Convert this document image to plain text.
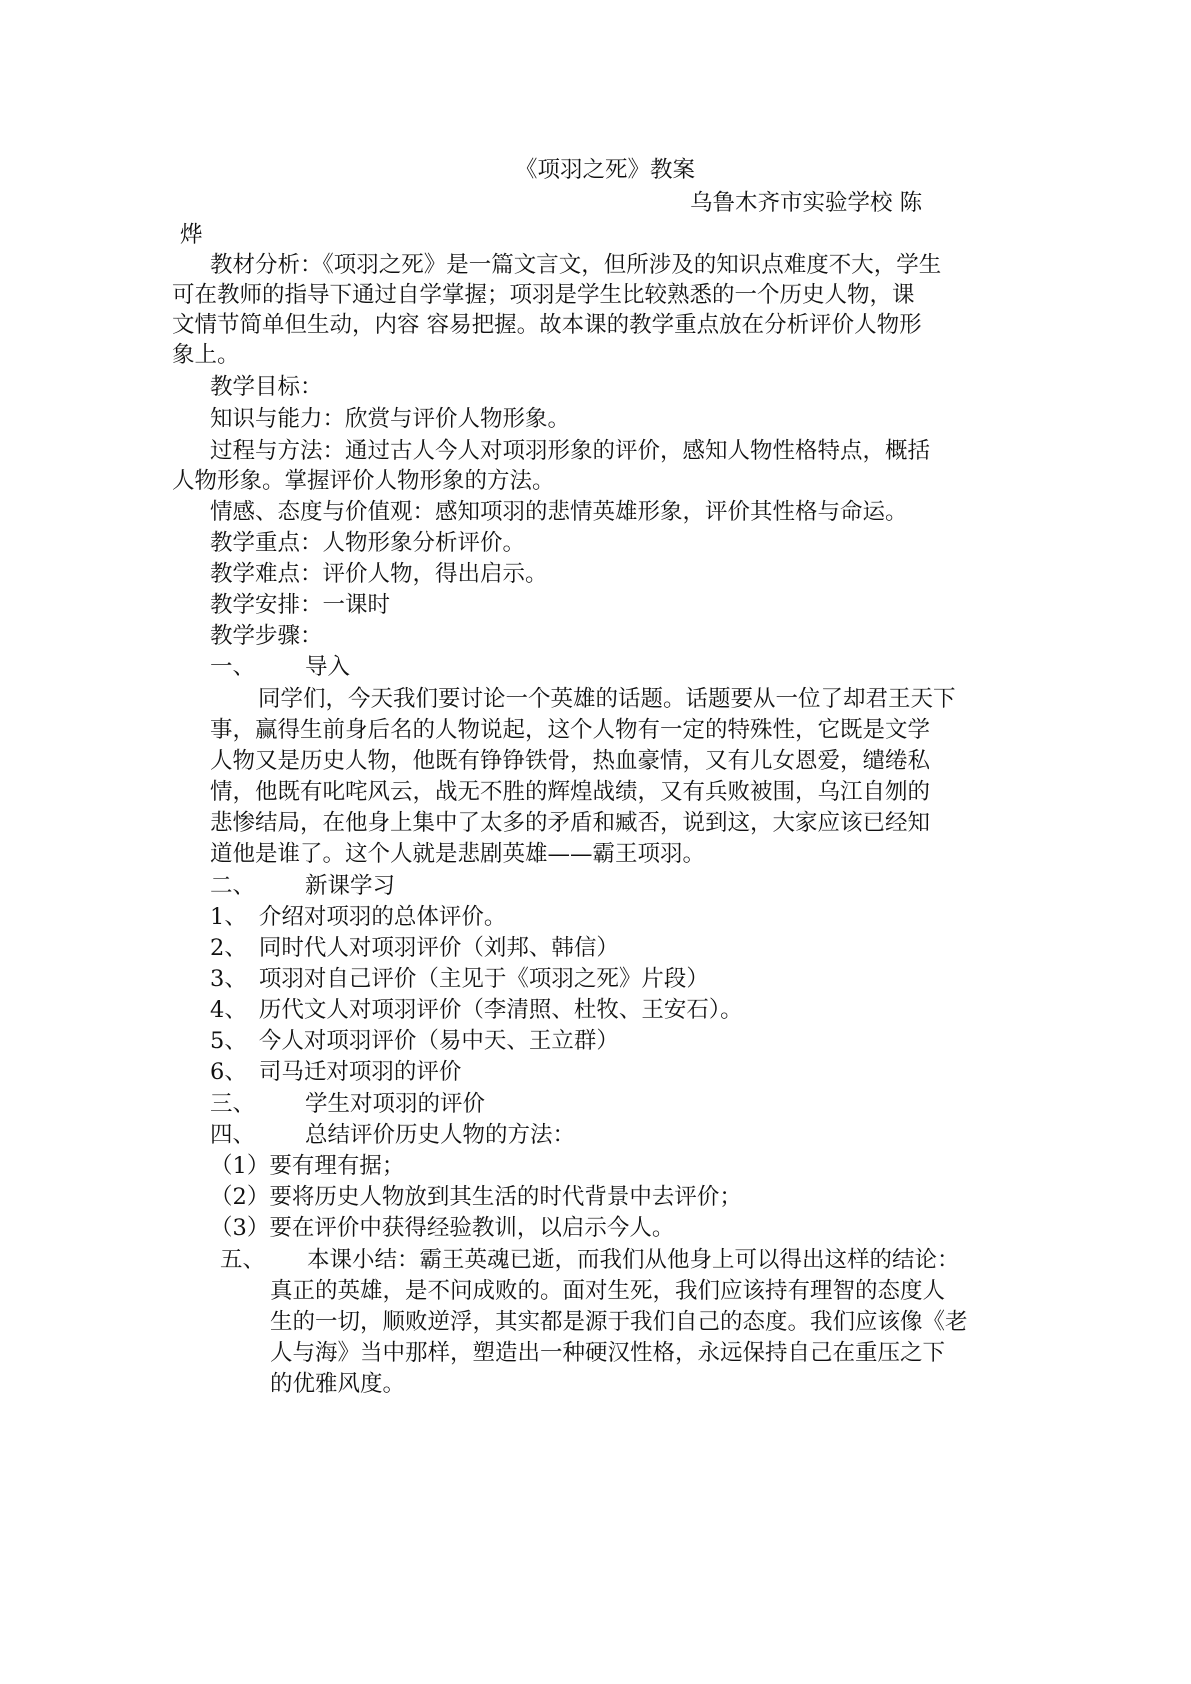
《项羽之死》教案
乌鲁木齐市实验学校 陈
烨
教材分析：《项羽之死》是一篇文言文，但所涉及的知识点难度不大，学生
可在教师的指导下通过自学掌握；项羽是学生比较熟悉的一个历史人物，课
文情节简单但生动，内容 容易把握。故本课的教学重点放在分析评价人物形
象上。
教学目标：
知识与能力：欣赏与评价人物形象。
过程与方法：通过古人今人对项羽形象的评价，感知人物性格特点，概括
人物形象。掌握评价人物形象的方法。
情感、态度与价值观：感知项羽的悲情英雄形象，评价其性格与命运。
教学重点：人物形象分析评价。
教学难点：评价人物，得出启示。
教学安排：一课时
教学步骤：
一、 导入
同学们，今天我们要讨论一个英雄的话题。话题要从一位了却君王天下
事，赢得生前身后名的人物说起，这个人物有一定的特殊性，它既是文学
人物又是历史人物，他既有铮铮铁骨，热血豪情，又有儿女恩爱，缱绻私
情，他既有叱咤风云，战无不胜的辉煌战绩，又有兵败被围，乌江自刎的
悲惨结局，在他身上集中了太多的矛盾和臧否，说到这，大家应该已经知
道他是谁了。这个人就是悲剧英雄——霸王项羽。
二、 新课学习
1、 介绍对项羽的总体评价。
2、 同时代人对项羽评价（刘邦、韩信）
3、 项羽对自己评价（主见于《项羽之死》片段）
4、 历代文人对项羽评价（李清照、杜牧、王安石）。
5、 今人对项羽评价（易中天、王立群）
6、 司马迁对项羽的评价
三、 学生对项羽的评价
四、 总结评价历史人物的方法：
（1）要有理有据；
（2）要将历史人物放到其生活的时代背景中去评价；
（3）要在评价中获得经验教训，以启示今人。
五、 本课小结：霸王英魂已逝，而我们从他身上可以得出这样的结论：
真正的英雄，是不问成败的。面对生死，我们应该持有理智的态度人
生的一切，顺败逆浮，其实都是源于我们自己的态度。我们应该像《老
人与海》当中那样，塑造出一种硬汉性格，永远保持自己在重压之下
的优雅风度。
